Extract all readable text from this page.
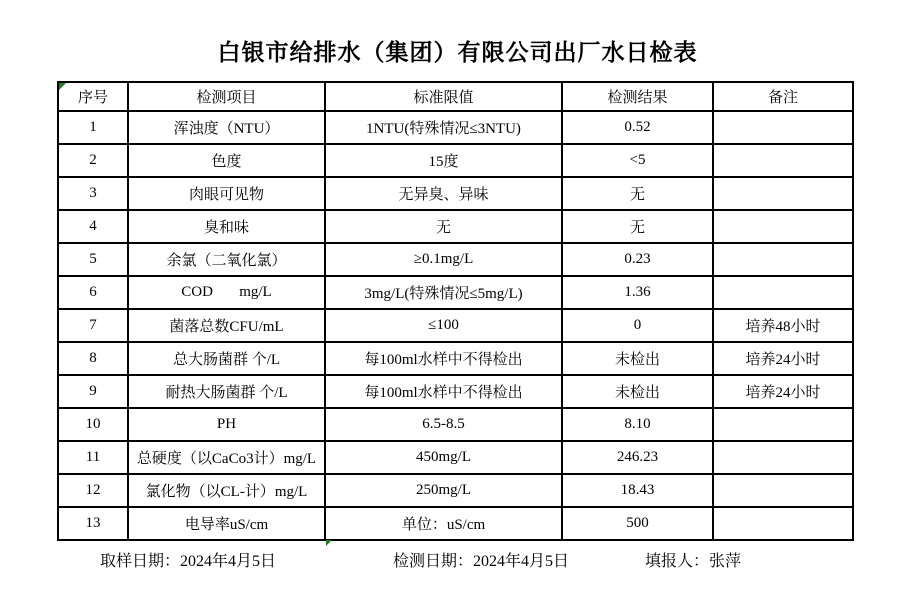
白银市给排水（集团）有限公司出厂水日检表
序号	检测项目	标准限值	检测结果	备注
1	浑浊度（NTU）	1NTU(特殊情况≤3NTU)	0.52	
2	色度	15度	<5	
3	肉眼可见物	无异臭、异味	无	
4	臭和味	无	无	
5	余氯（二氧化氯）	≥0.1mg/L	0.23	
6	COD       mg/L	3mg/L(特殊情况≤5mg/L)	1.36	
7	菌落总数CFU/mL	≤100	0	培养48小时
8	总大肠菌群 个/L	每100ml水样中不得检出	未检出	培养24小时
9	耐热大肠菌群 个/L	每100ml水样中不得检出	未检出	培养24小时
10	PH	6.5-8.5	8.10	
11	总硬度（以CaCo3计）mg/L	450mg/L	246.23	
12	氯化物（以CL-计）mg/L	250mg/L	18.43	
13	电导率uS/cm	单位：uS/cm	500	
取样日期：2024年4月5日	检测日期：2024年4月5日	填报人：张萍
